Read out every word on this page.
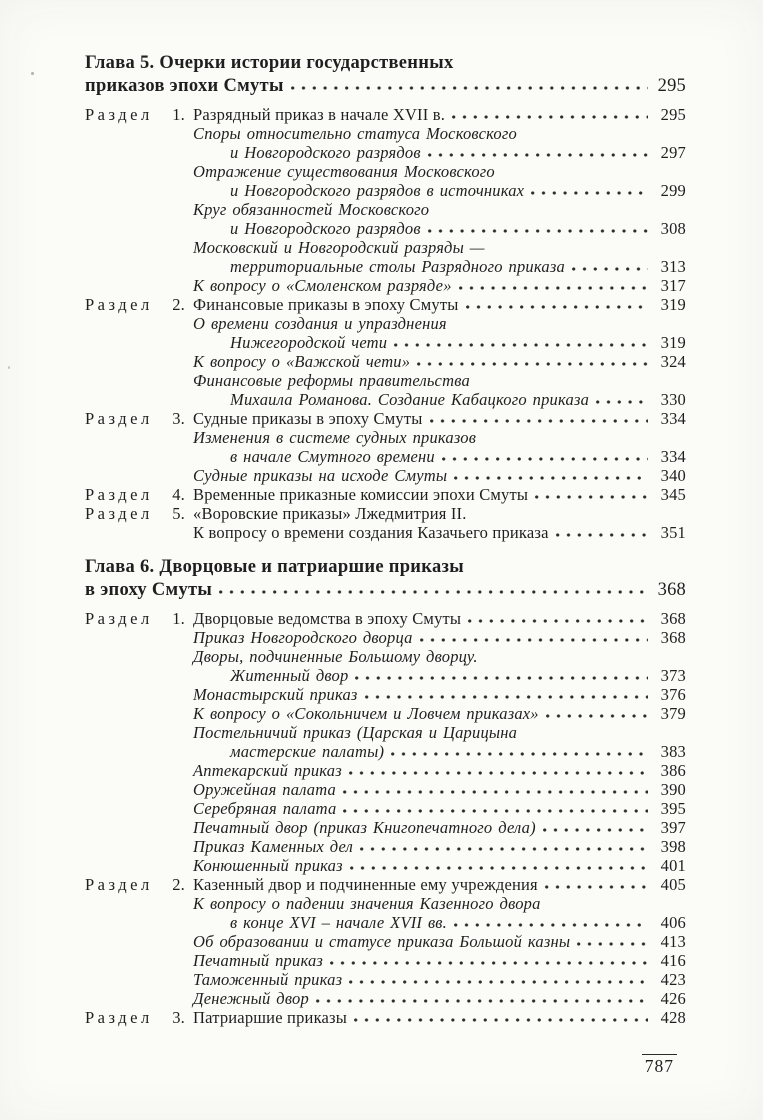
Глава 5. Очерки истории государственных
приказов эпохи Смуты	295
Раздел 1. Разрядный приказ в начале XVII в.	295
Споры относительно статуса Московского
и Новгородского разрядов	297
Отражение существования Московского
и Новгородского разрядов в источниках	299
Круг обязанностей Московского
и Новгородского разрядов	308
Московский и Новгородский разряды —
территориальные столы Разрядного приказа	313
К вопросу о «Смоленском разряде»	317
Раздел 2. Финансовые приказы в эпоху Смуты	319
О времени создания и упразднения
Нижегородской чети	319
К вопросу о «Важской чети»	324
Финансовые реформы правительства
Михаила Романова. Создание Кабацкого приказа	330
Раздел 3. Судные приказы в эпоху Смуты	334
Изменения в системе судных приказов
в начале Смутного времени	334
Судные приказы на исходе Смуты	340
Раздел 4. Временные приказные комиссии эпохи Смуты	345
Раздел 5. «Воровские приказы» Лжедмитрия II.
К вопросу о времени создания Казачьего приказа	351
Глава 6. Дворцовые и патриаршие приказы
в эпоху Смуты	368
Раздел 1. Дворцовые ведомства в эпоху Смуты	368
Приказ Новгородского дворца	368
Дворы, подчиненные Большому дворцу.
Житенный двор	373
Монастырский приказ	376
К вопросу о «Сокольничем и Ловчем приказах»	379
Постельничий приказ (Царская и Царицына
мастерские палаты)	383
Аптекарский приказ	386
Оружейная палата	390
Серебряная палата	395
Печатный двор (приказ Книгопечатного дела)	397
Приказ Каменных дел	398
Конюшенный приказ	401
Раздел 2. Казенный двор и подчиненные ему учреждения	405
К вопросу о падении значения Казенного двора
в конце XVI – начале XVII вв.	406
Об образовании и статусе приказа Большой казны	413
Печатный приказ	416
Таможенный приказ	423
Денежный двор	426
Раздел 3. Патриаршие приказы	428
787
